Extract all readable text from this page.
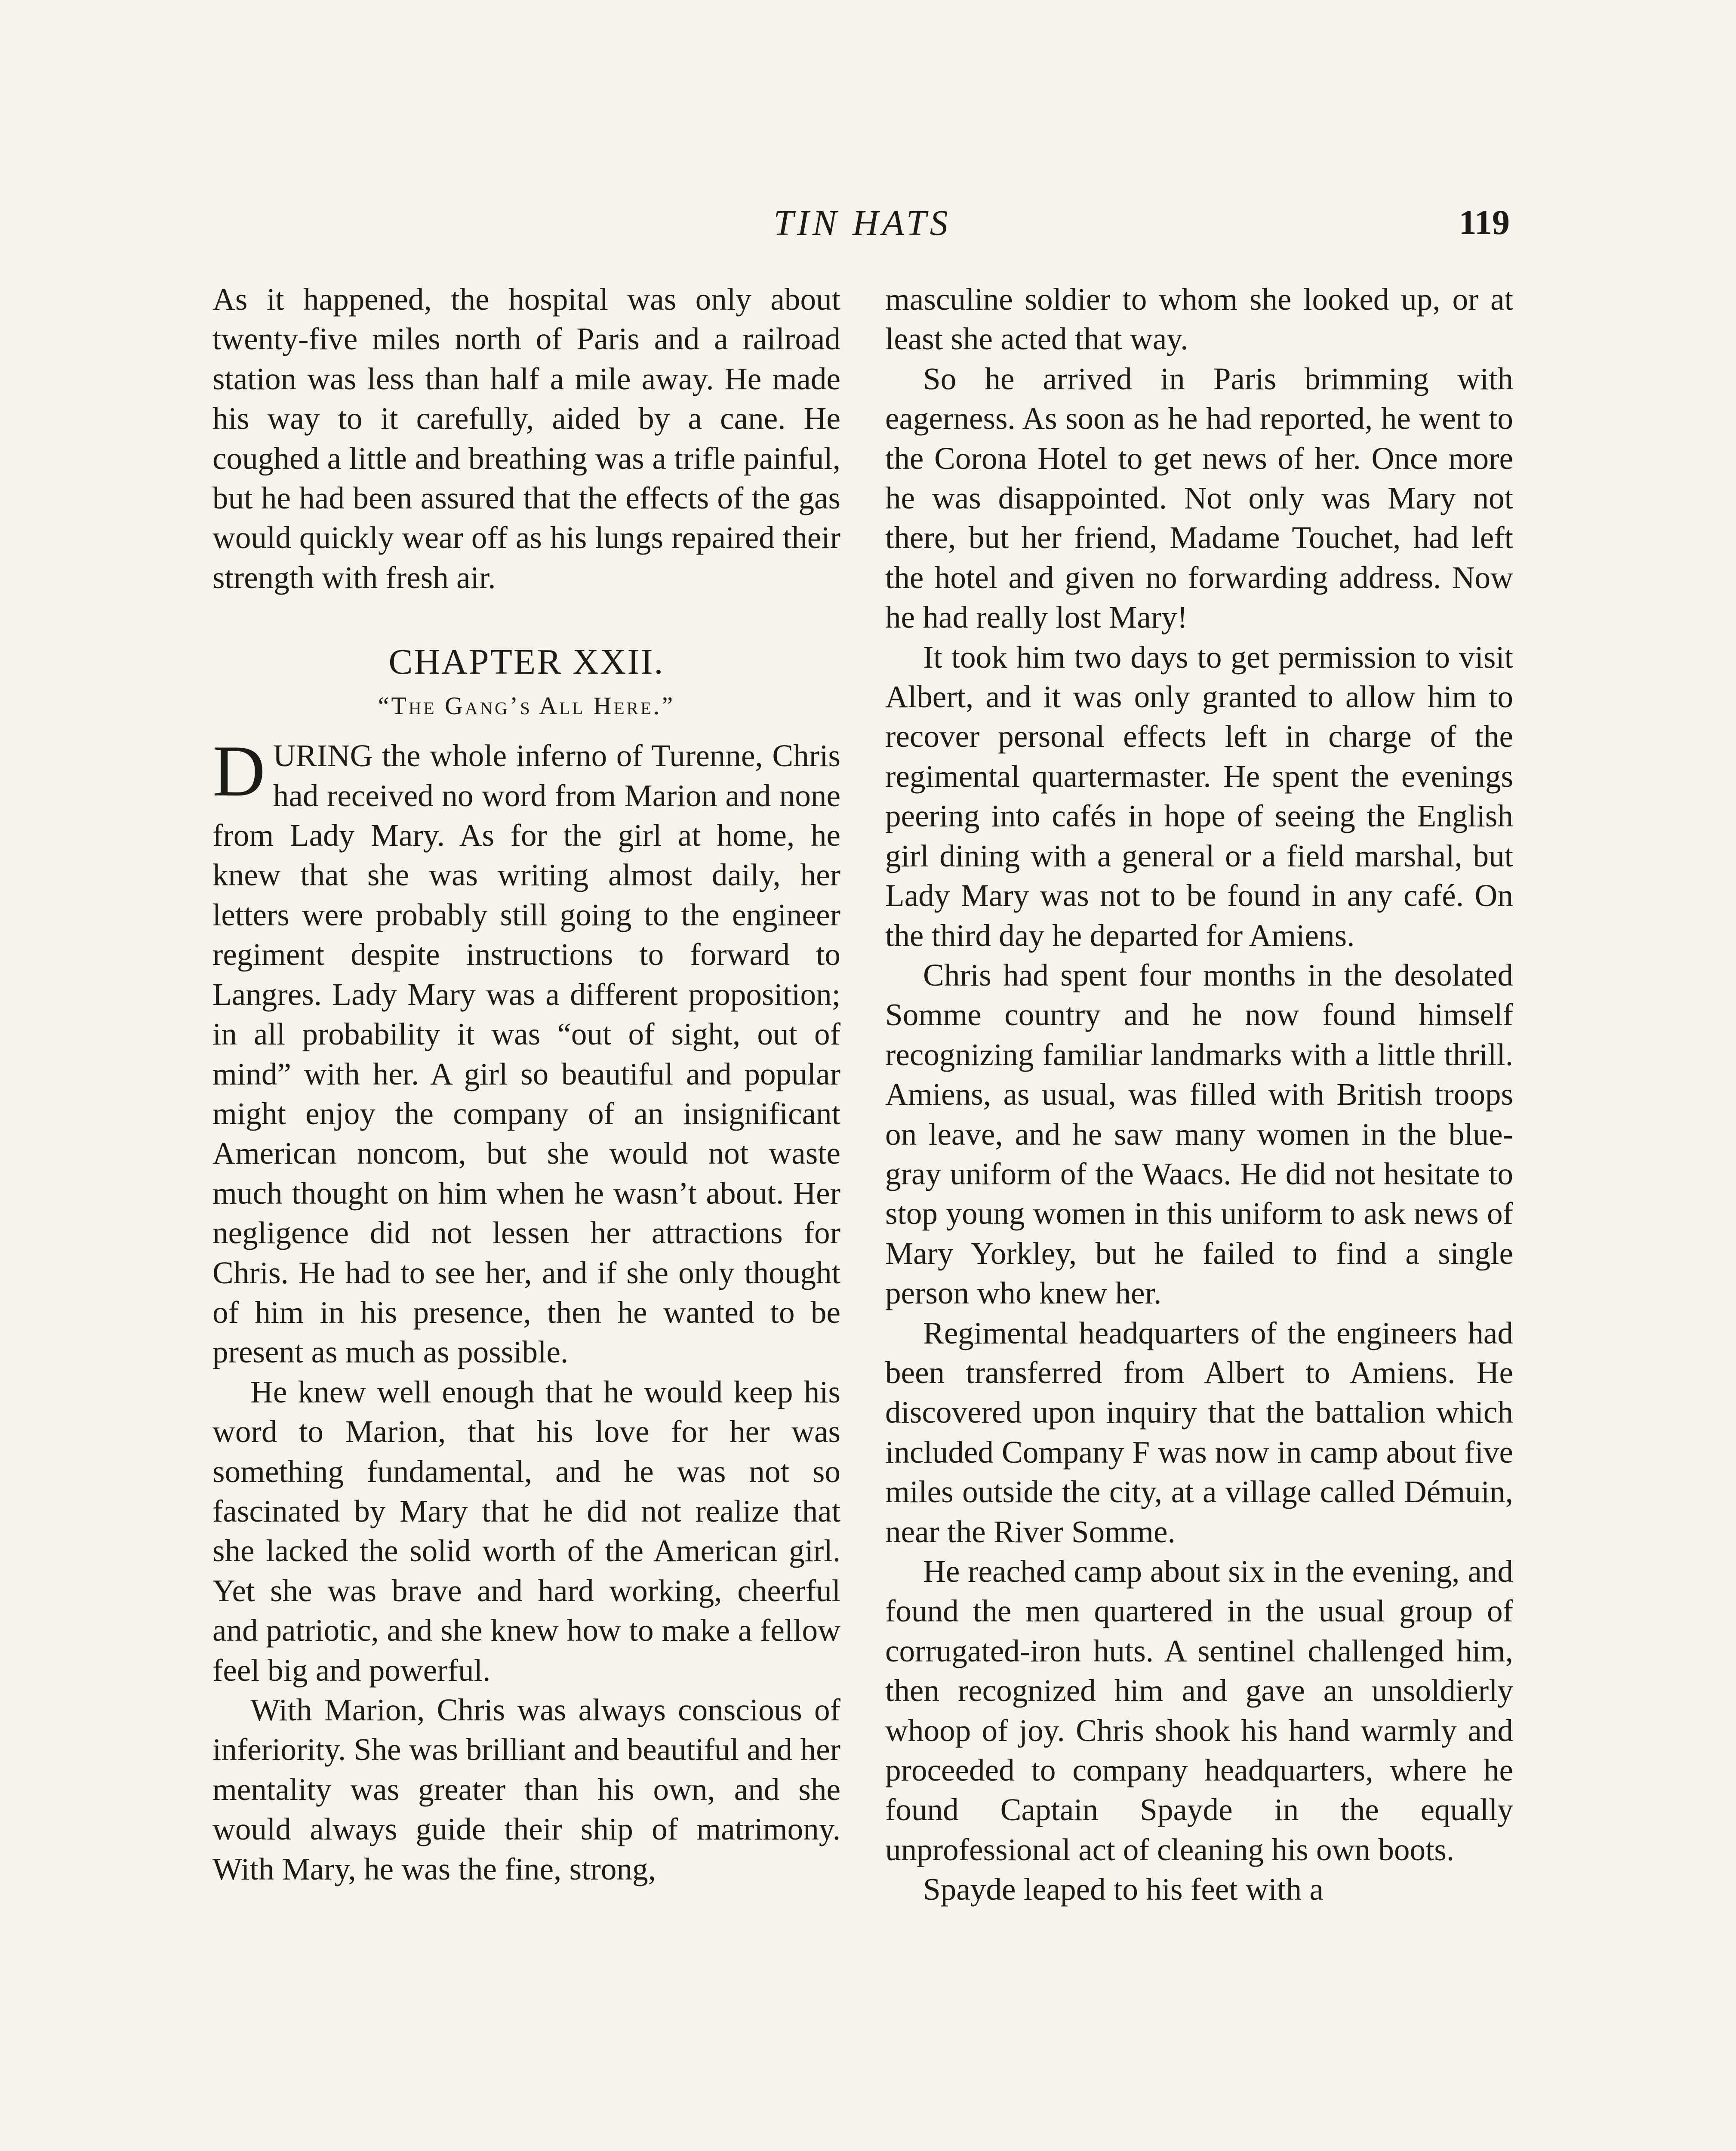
TIN HATS	119

As it happened, the hospital was only about twenty-five miles north of Paris and a railroad station was less than half a mile away. He made his way to it carefully, aided by a cane. He coughed a little and breathing was a trifle painful, but he had been assured that the effects of the gas would quickly wear off as his lungs repaired their strength with fresh air.

CHAPTER XXII.
“The Gang’s All Here.”

DURING the whole inferno of Turenne, Chris had received no word from Marion and none from Lady Mary. As for the girl at home, he knew that she was writing almost daily, her letters were probably still going to the engineer regiment despite instructions to forward to Langres. Lady Mary was a different proposition; in all probability it was “out of sight, out of mind” with her. A girl so beautiful and popular might enjoy the company of an insignificant American noncom, but she would not waste much thought on him when he wasn’t about. Her negligence did not lessen her attractions for Chris. He had to see her, and if she only thought of him in his presence, then he wanted to be present as much as possible.

He knew well enough that he would keep his word to Marion, that his love for her was something fundamental, and he was not so fascinated by Mary that he did not realize that she lacked the solid worth of the American girl. Yet she was brave and hard working, cheerful and patriotic, and she knew how to make a fellow feel big and powerful.

With Marion, Chris was always conscious of inferiority. She was brilliant and beautiful and her mentality was greater than his own, and she would always guide their ship of matrimony. With Mary, he was the fine, strong,

masculine soldier to whom she looked up, or at least she acted that way.

So he arrived in Paris brimming with eagerness. As soon as he had reported, he went to the Corona Hotel to get news of her. Once more he was disappointed. Not only was Mary not there, but her friend, Madame Touchet, had left the hotel and given no forwarding address. Now he had really lost Mary!

It took him two days to get permission to visit Albert, and it was only granted to allow him to recover personal effects left in charge of the regimental quartermaster. He spent the evenings peering into cafés in hope of seeing the English girl dining with a general or a field marshal, but Lady Mary was not to be found in any café. On the third day he departed for Amiens.

Chris had spent four months in the desolated Somme country and he now found himself recognizing familiar landmarks with a little thrill. Amiens, as usual, was filled with British troops on leave, and he saw many women in the blue-gray uniform of the Waacs. He did not hesitate to stop young women in this uniform to ask news of Mary Yorkley, but he failed to find a single person who knew her.

Regimental headquarters of the engineers had been transferred from Albert to Amiens. He discovered upon inquiry that the battalion which included Company F was now in camp about five miles outside the city, at a village called Démuin, near the River Somme.

He reached camp about six in the evening, and found the men quartered in the usual group of corrugated-iron huts. A sentinel challenged him, then recognized him and gave an unsoldierly whoop of joy. Chris shook his hand warmly and proceeded to company headquarters, where he found Captain Spayde in the equally unprofessional act of cleaning his own boots.

Spayde leaped to his feet with a
